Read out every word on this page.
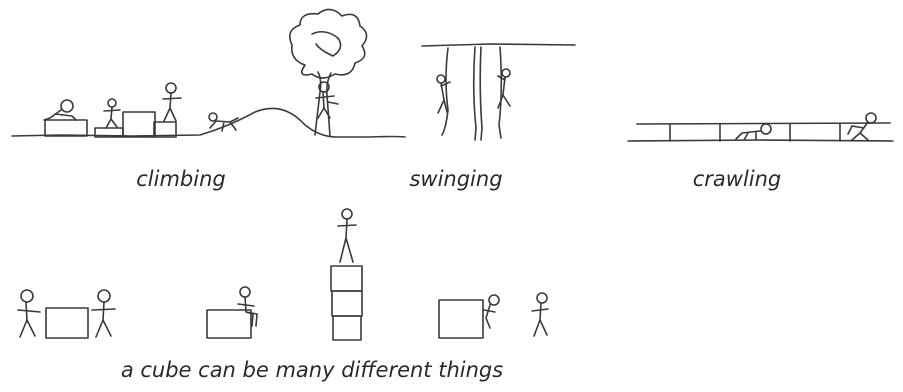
climbing	swinging	crawling
a cube can be many different things
